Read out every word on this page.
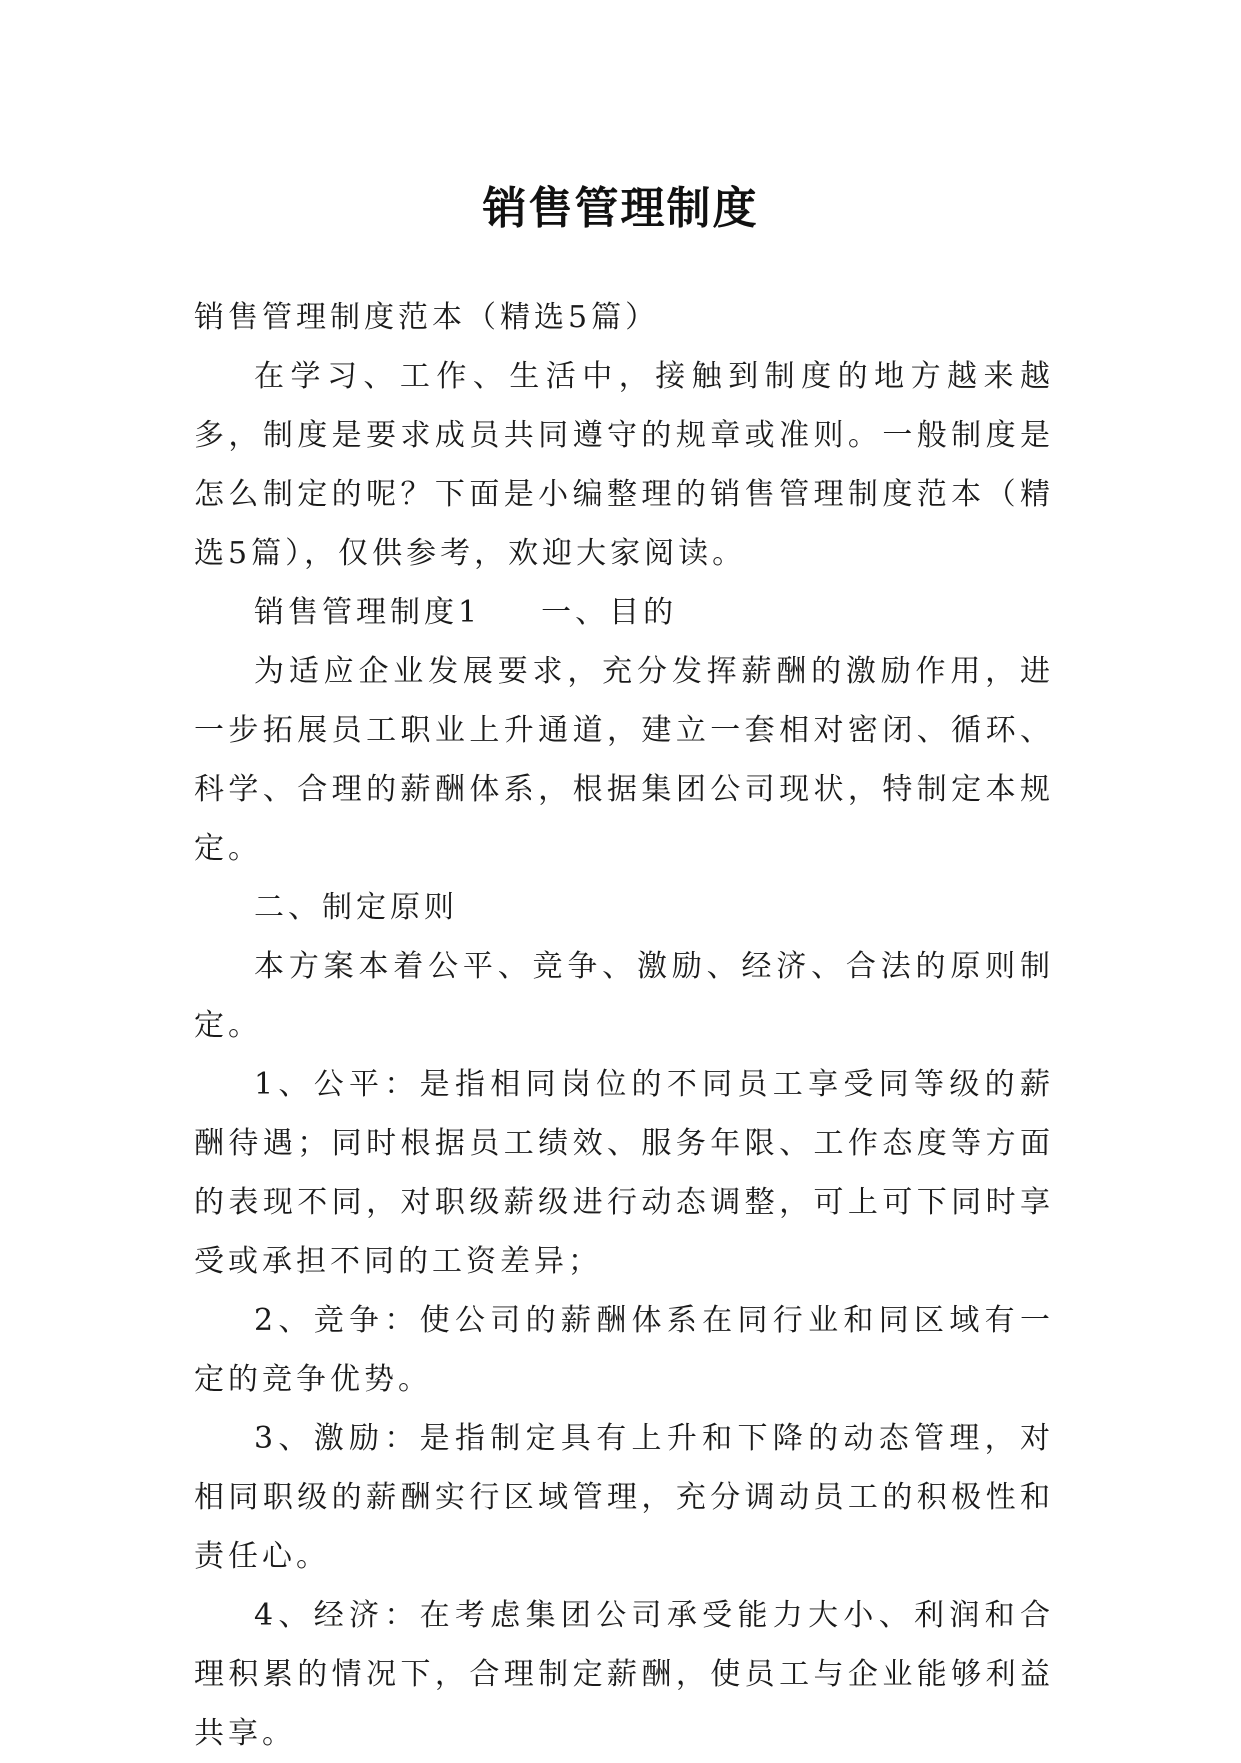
销售管理制度

销售管理制度范本（精选5篇）

在学习、工作、生活中，接触到制度的地方越来越多，制度是要求成员共同遵守的规章或准则。一般制度是怎么制定的呢？下面是小编整理的销售管理制度范本（精选5篇），仅供参考，欢迎大家阅读。

销售管理制度1 一、目的

为适应企业发展要求，充分发挥薪酬的激励作用，进一步拓展员工职业上升通道，建立一套相对密闭、循环、科学、合理的薪酬体系，根据集团公司现状，特制定本规定。

二、制定原则

本方案本着公平、竞争、激励、经济、合法的原则制定。

1、公平：是指相同岗位的不同员工享受同等级的薪酬待遇；同时根据员工绩效、服务年限、工作态度等方面的表现不同，对职级薪级进行动态调整，可上可下同时享受或承担不同的工资差异；

2、竞争：使公司的薪酬体系在同行业和同区域有一定的竞争优势。

3、激励：是指制定具有上升和下降的动态管理，对相同职级的薪酬实行区域管理，充分调动员工的积极性和责任心。

4、经济：在考虑集团公司承受能力大小、利润和合理积累的情况下，合理制定薪酬，使员工与企业能够利益共享。
